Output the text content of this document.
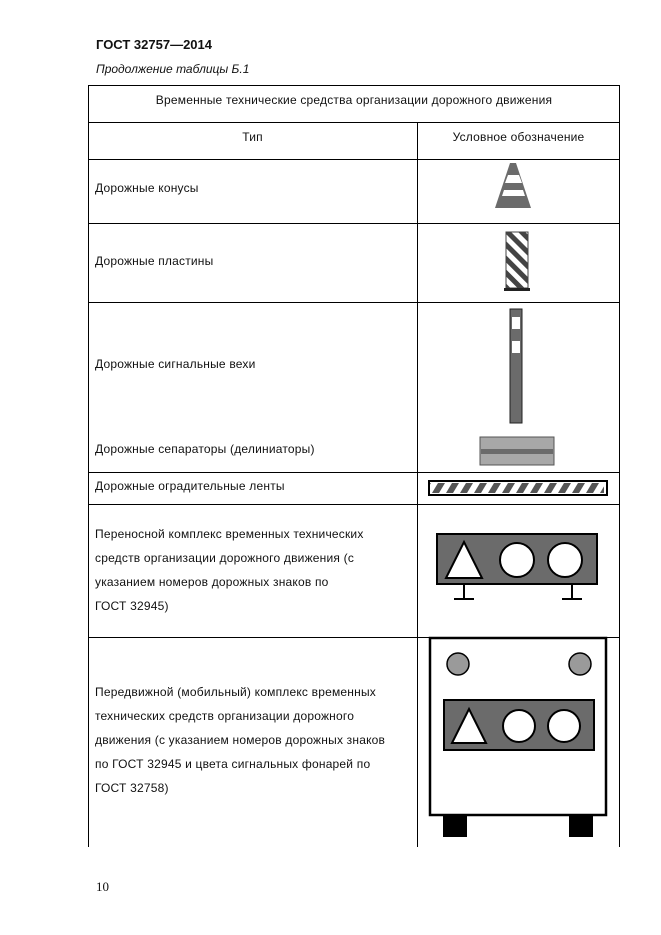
ГОСТ 32757—2014
Продолжение таблицы Б.1
Временные технические средства организации дорожного движения
Тип	Условное обозначение
Дорожные конусы
Дорожные пластины
Дорожные сигнальные вехи
Дорожные сепараторы (делиниаторы)
Дорожные оградительные ленты
Переносной комплекс временных технических
средств организации дорожного движения (с
указанием номеров дорожных знаков по
ГОСТ 32945)
Передвижной (мобильный) комплекс временных
технических средств организации дорожного
движения (с указанием номеров дорожных знаков
по ГОСТ 32945 и цвета сигнальных фонарей по
ГОСТ 32758)
10
